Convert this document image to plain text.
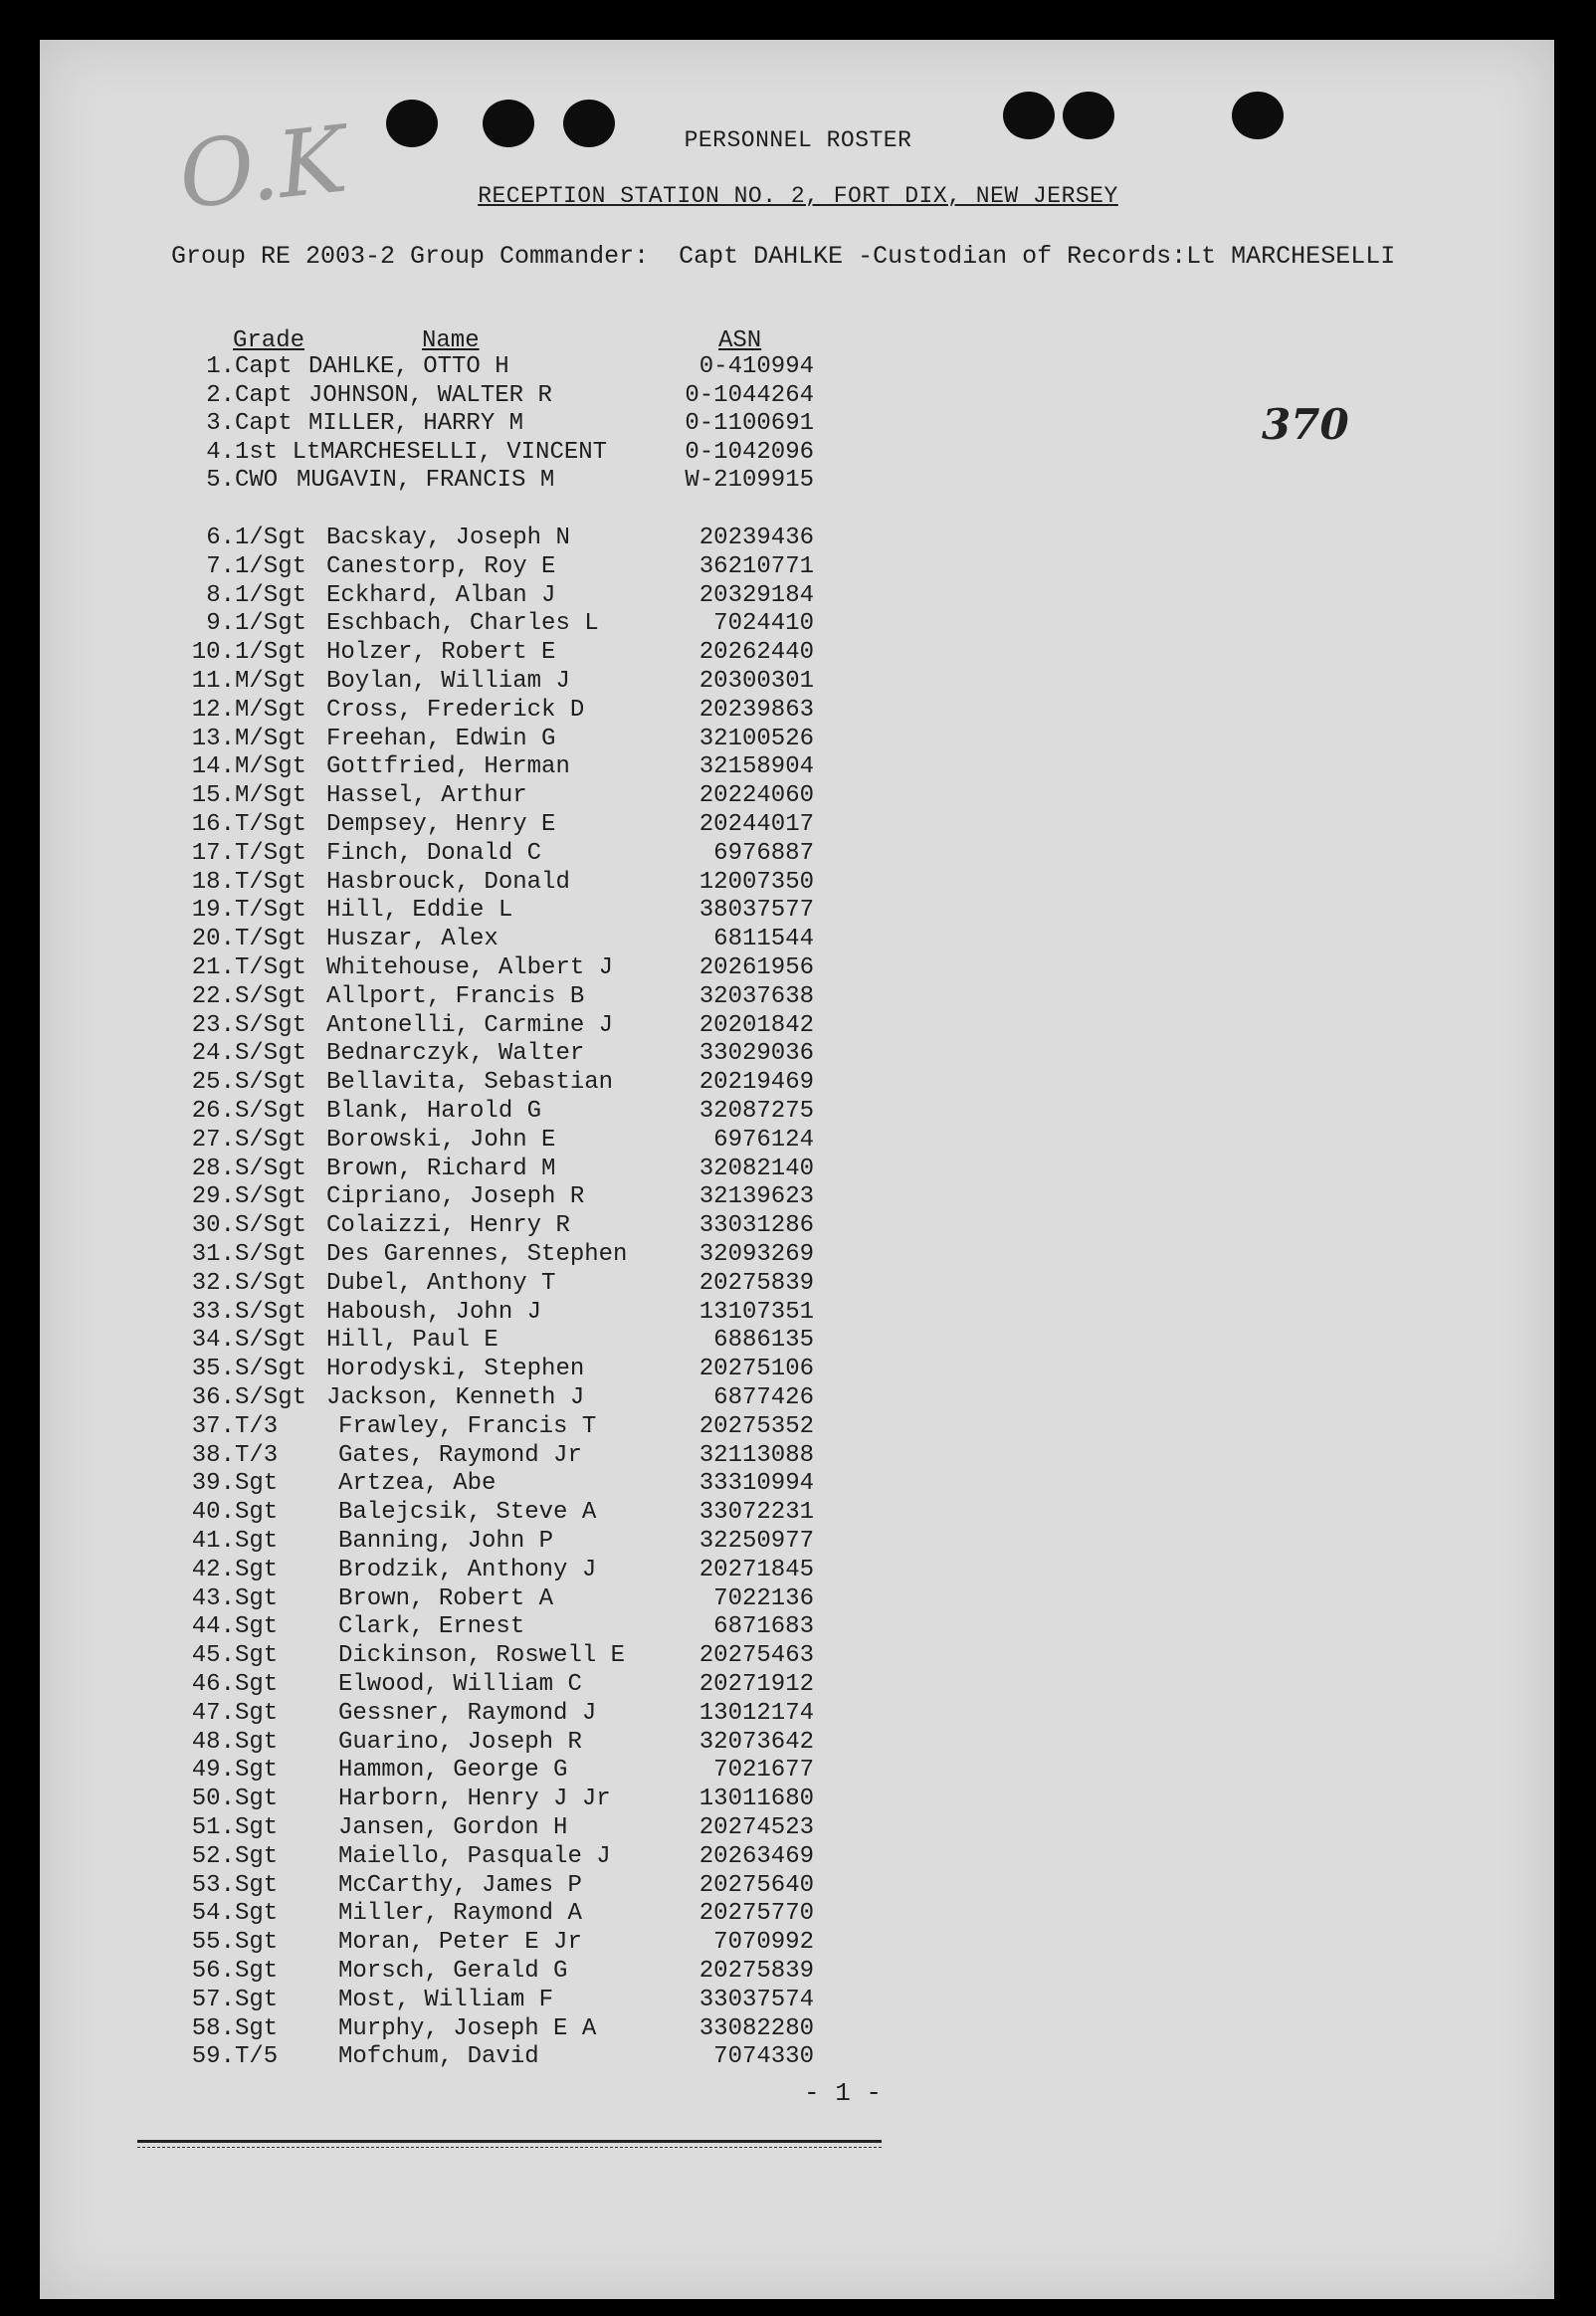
O.K
370
PERSONNEL ROSTER
RECEPTION STATION NO. 2, FORT DIX, NEW JERSEY
Group RE 2003-2 Group Commander:  Capt DAHLKE -Custodian of Records:Lt MARCHESELLI
Grade	Name	ASN
1. Capt DAHLKE, OTTO H	0-410994
2. Capt JOHNSON, WALTER R	0-1044264
3. Capt MILLER, HARRY M	0-1100691
4. 1st Lt MARCHESELLI, VINCENT	0-1042096
5. CWO MUGAVIN, FRANCIS M	W-2109915
6. 1/Sgt Bacskay, Joseph N	20239436
7. 1/Sgt Canestorp, Roy E	36210771
8. 1/Sgt Eckhard, Alban J	20329184
9. 1/Sgt Eschbach, Charles L	7024410
10. 1/Sgt Holzer, Robert E	20262440
11. M/Sgt Boylan, William J	20300301
12. M/Sgt Cross, Frederick D	20239863
13. M/Sgt Freehan, Edwin G	32100526
14. M/Sgt Gottfried, Herman	32158904
15. M/Sgt Hassel, Arthur	20224060
16. T/Sgt Dempsey, Henry E	20244017
17. T/Sgt Finch, Donald C	6976887
18. T/Sgt Hasbrouck, Donald	12007350
19. T/Sgt Hill, Eddie L	38037577
20. T/Sgt Huszar, Alex	6811544
21. T/Sgt Whitehouse, Albert J	20261956
22. S/Sgt Allport, Francis B	32037638
23. S/Sgt Antonelli, Carmine J	20201842
24. S/Sgt Bednarczyk, Walter	33029036
25. S/Sgt Bellavita, Sebastian	20219469
26. S/Sgt Blank, Harold G	32087275
27. S/Sgt Borowski, John E	6976124
28. S/Sgt Brown, Richard M	32082140
29. S/Sgt Cipriano, Joseph R	32139623
30. S/Sgt Colaizzi, Henry R	33031286
31. S/Sgt Des Garennes, Stephen	32093269
32. S/Sgt Dubel, Anthony T	20275839
33. S/Sgt Haboush, John J	13107351
34. S/Sgt Hill, Paul E	6886135
35. S/Sgt Horodyski, Stephen	20275106
36. S/Sgt Jackson, Kenneth J	6877426
37. T/3	Frawley, Francis T	20275352
38. T/3	Gates, Raymond Jr	32113088
39. Sgt	Artzea, Abe	33310994
40. Sgt	Balejcsik, Steve A	33072231
41. Sgt	Banning, John P	32250977
42. Sgt	Brodzik, Anthony J	20271845
43. Sgt	Brown, Robert A	7022136
44. Sgt	Clark, Ernest	6871683
45. Sgt	Dickinson, Roswell E	20275463
46. Sgt	Elwood, William C	20271912
47. Sgt	Gessner, Raymond J	13012174
48. Sgt	Guarino, Joseph R	32073642
49. Sgt	Hammon, George G	7021677
50. Sgt	Harborn, Henry J Jr	13011680
51. Sgt	Jansen, Gordon H	20274523
52. Sgt	Maiello, Pasquale J	20263469
53. Sgt	McCarthy, James P	20275640
54. Sgt	Miller, Raymond A	20275770
55. Sgt	Moran, Peter E Jr	7070992
56. Sgt	Morsch, Gerald G	20275839
57. Sgt	Most, William F	33037574
58. Sgt	Murphy, Joseph E A	33082280
59. T/5	Mofchum, David	7074330
- 1 -
